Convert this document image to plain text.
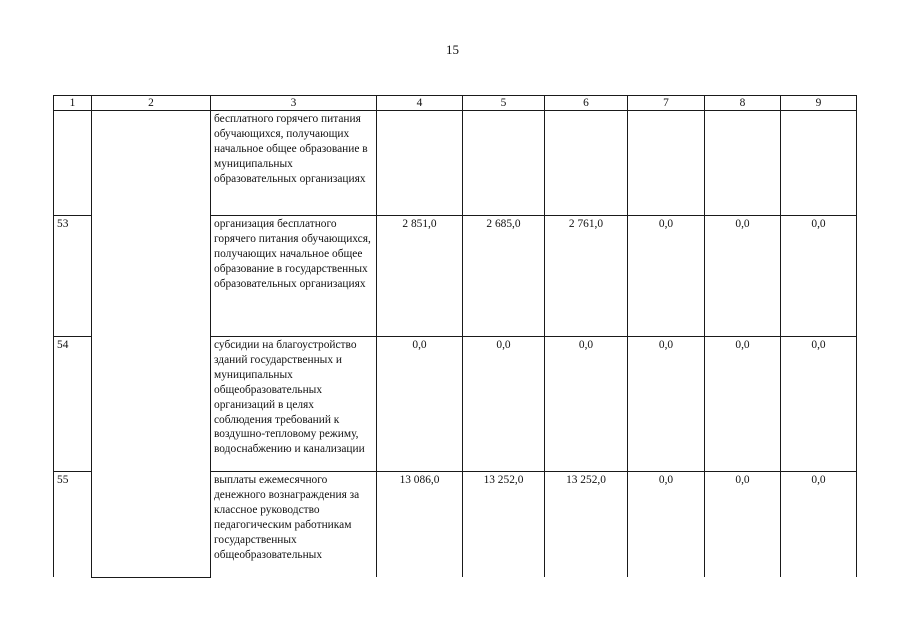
15
1	2	3	4	5	6	7	8	9
		бесплатного горячего питания обучающихся, получающих начальное общее образование в муниципальных образовательных организациях						
53		организация бесплатного горячего питания обучающихся, получающих начальное общее образование в государственных образовательных организациях	2 851,0	2 685,0	2 761,0	0,0	0,0	0,0
54		субсидии на благоустройство зданий государственных и муниципальных общеобразовательных организаций в целях соблюдения требований к воздушно-тепловому режиму, водоснабжению и канализации	0,0	0,0	0,0	0,0	0,0	0,0
55		выплаты ежемесячного денежного вознаграждения за классное руководство педагогическим работникам государственных общеобразовательных	13 086,0	13 252,0	13 252,0	0,0	0,0	0,0
